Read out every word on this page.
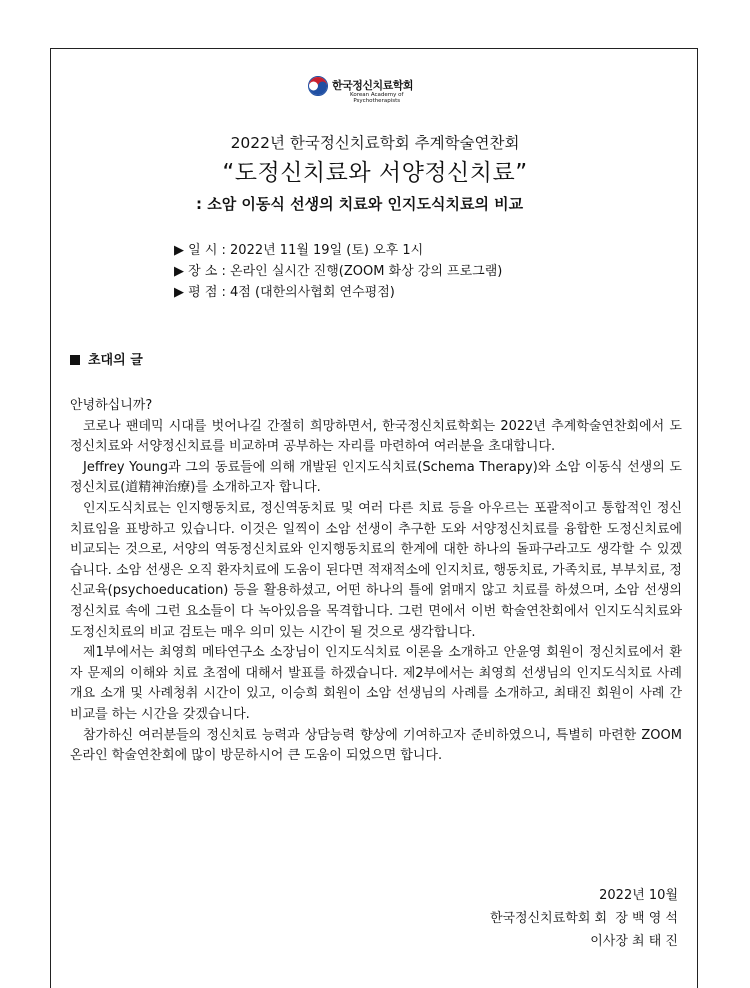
한국정신치료학회
Korean Academy of
Psychotherapists
2022년 한국정신치료학회 추계학술연찬회
“도정신치료와 서양정신치료”
: 소암 이동식 선생의 치료와 인지도식치료의 비교
▶ 일 시 : 2022년 11월 19일 (토) 오후 1시
▶ 장 소 : 온라인 실시간 진행(ZOOM 화상 강의 프로그램)
▶ 평 점 : 4점 (대한의사협회 연수평점)
초대의 글

안녕하십니까?

코로나 팬데믹 시대를 벗어나길 간절히 희망하면서, 한국정신치료학회는 2022년 추계학술연찬회에서 도정신치료와 서양정신치료를 비교하며 공부하는 자리를 마련하여 여러분을 초대합니다.

Jeffrey Young과 그의 동료들에 의해 개발된 인지도식치료(Schema Therapy)와 소암 이동식 선생의 도정신치료(道精神治療)를 소개하고자 합니다.

인지도식치료는 인지행동치료, 정신역동치료 및 여러 다른 치료 등을 아우르는 포괄적이고 통합적인 정신치료임을 표방하고 있습니다. 이것은 일찍이 소암 선생이 추구한 도와 서양정신치료를 융합한 도정신치료에 비교되는 것으로, 서양의 역동정신치료와 인지행동치료의 한계에 대한 하나의 돌파구라고도 생각할 수 있겠습니다. 소암 선생은 오직 환자치료에 도움이 된다면 적재적소에 인지치료, 행동치료, 가족치료, 부부치료, 정신교육(psychoeducation) 등을 활용하셨고, 어떤 하나의 틀에 얽매지 않고 치료를 하셨으며, 소암 선생의 정신치료 속에 그런 요소들이 다 녹아있음을 목격합니다. 그런 면에서 이번 학술연찬회에서 인지도식치료와 도정신치료의 비교 검토는 매우 의미 있는 시간이 될 것으로 생각합니다.

제1부에서는 최영희 메타연구소 소장님이 인지도식치료 이론을 소개하고 안윤영 회원이 정신치료에서 환자 문제의 이해와 치료 초점에 대해서 발표를 하겠습니다. 제2부에서는 최영희 선생님의 인지도식치료 사례 개요 소개 및 사례청취 시간이 있고, 이승희 회원이 소암 선생님의 사례를 소개하고, 최태진 회원이 사례 간 비교를 하는 시간을 갖겠습니다.

참가하신 여러분들의 정신치료 능력과 상담능력 향상에 기여하고자 준비하였으니, 특별히 마련한 ZOOM 온라인 학술연찬회에 많이 방문하시어 큰 도움이 되었으면 합니다.

2022년 10월
한국정신치료학회 회  장 백 영 석
이사장 최 태 진
